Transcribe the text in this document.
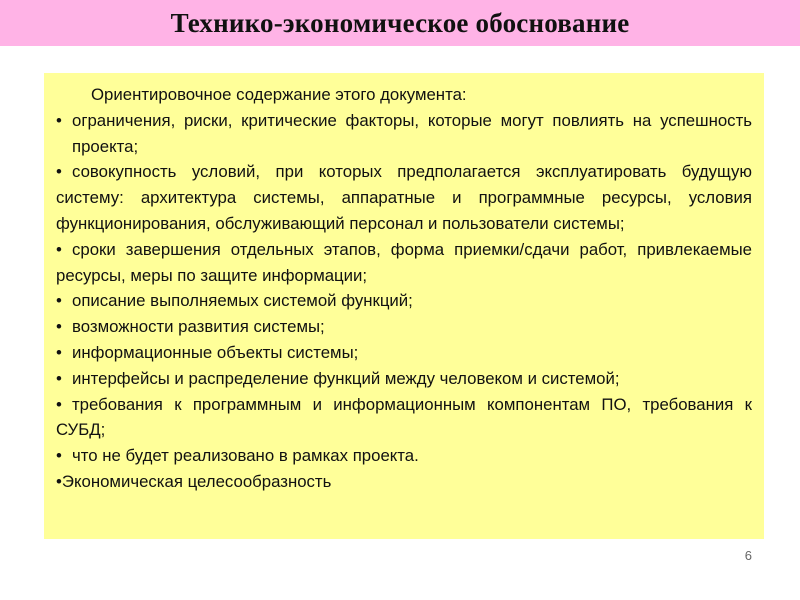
Технико-экономическое обоснование
Ориентировочное содержание этого документа:
•
ограничения, риски, критические факторы, которые могут повлиять на успешность проекта;
•совокупность условий, при которых предполагается эксплуатировать будущую систему: архитектура системы, аппаратные и программные ресурсы, условия функционирования, обслуживающий персонал и пользователи системы;
•сроки завершения отдельных этапов, форма приемки/сдачи работ, привлекаемые ресурсы, меры по защите информации;
•
описание выполняемых системой функций;
•
возможности развития системы;
•
информационные объекты системы;
•
интерфейсы и распределение функций между человеком и системой;
•требования к программным и информационным компонентам ПО, требования к СУБД;
•
что не будет реализовано в рамках проекта.
•Экономическая целесообразность
6
